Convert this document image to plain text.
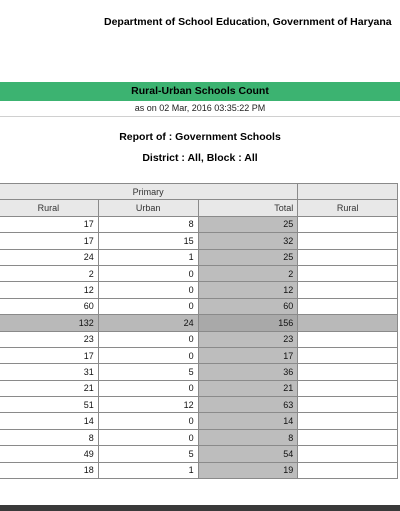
Department of School Education, Government of Haryana
Rural-Urban Schools Count
as on 02 Mar, 2016 03:35:22 PM
Report of : Government Schools
District : All, Block : All
Primary			
Rural	Urban	Total	Rural
17	8	25	
17	15	32	
24	1	25	
2	0	2	
12	0	12	
60	0	60	
132	24	156	
23	0	23	
17	0	17	
31	5	36	
21	0	21	
51	12	63	
14	0	14	
8	0	8	
49	5	54	
18	1	19	
